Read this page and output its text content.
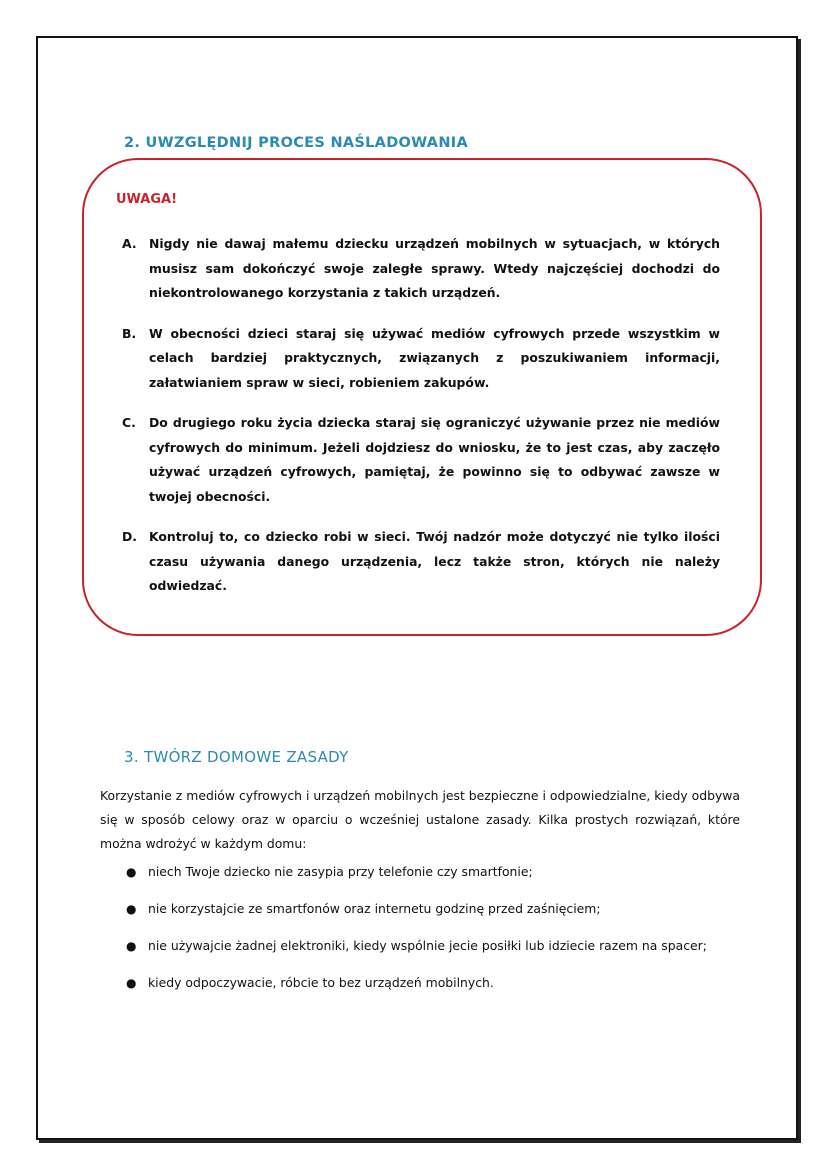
2. UWZGLĘDNIJ PROCES NAŚLADOWANIA
UWAGA!
A. Nigdy nie dawaj małemu dziecku urządzeń mobilnych w sytuacjach, w których musisz sam dokończyć swoje zaległe sprawy. Wtedy najczęściej dochodzi do niekontrolowanego korzystania z takich urządzeń.
B. W obecności dzieci staraj się używać mediów cyfrowych przede wszystkim w celach bardziej praktycznych, związanych z poszukiwaniem informacji, załatwianiem spraw w sieci, robieniem zakupów.
C. Do drugiego roku życia dziecka staraj się ograniczyć używanie przez nie mediów cyfrowych do minimum. Jeżeli dojdziesz do wniosku, że to jest czas, aby zaczęło używać urządzeń cyfrowych, pamiętaj, że powinno się to odbywać zawsze w twojej obecności.
D. Kontroluj to, co dziecko robi w sieci. Twój nadzór może dotyczyć nie tylko ilości czasu używania danego urządzenia, lecz także stron, których nie należy odwiedzać.
3. TWÓRZ DOMOWE ZASADY

Korzystanie z mediów cyfrowych i urządzeń mobilnych jest bezpieczne i odpowiedzialne, kiedy odbywa się w sposób celowy oraz w oparciu o wcześniej ustalone zasady. Kilka prostych rozwiązań, które można wdrożyć w każdym domu:

● niech Twoje dziecko nie zasypia przy telefonie czy smartfonie;
● nie korzystajcie ze smartfonów oraz internetu godzinę przed zaśnięciem;
● nie używajcie żadnej elektroniki, kiedy wspólnie jecie posiłki lub idziecie razem na spacer;
● kiedy odpoczywacie, róbcie to bez urządzeń mobilnych.
